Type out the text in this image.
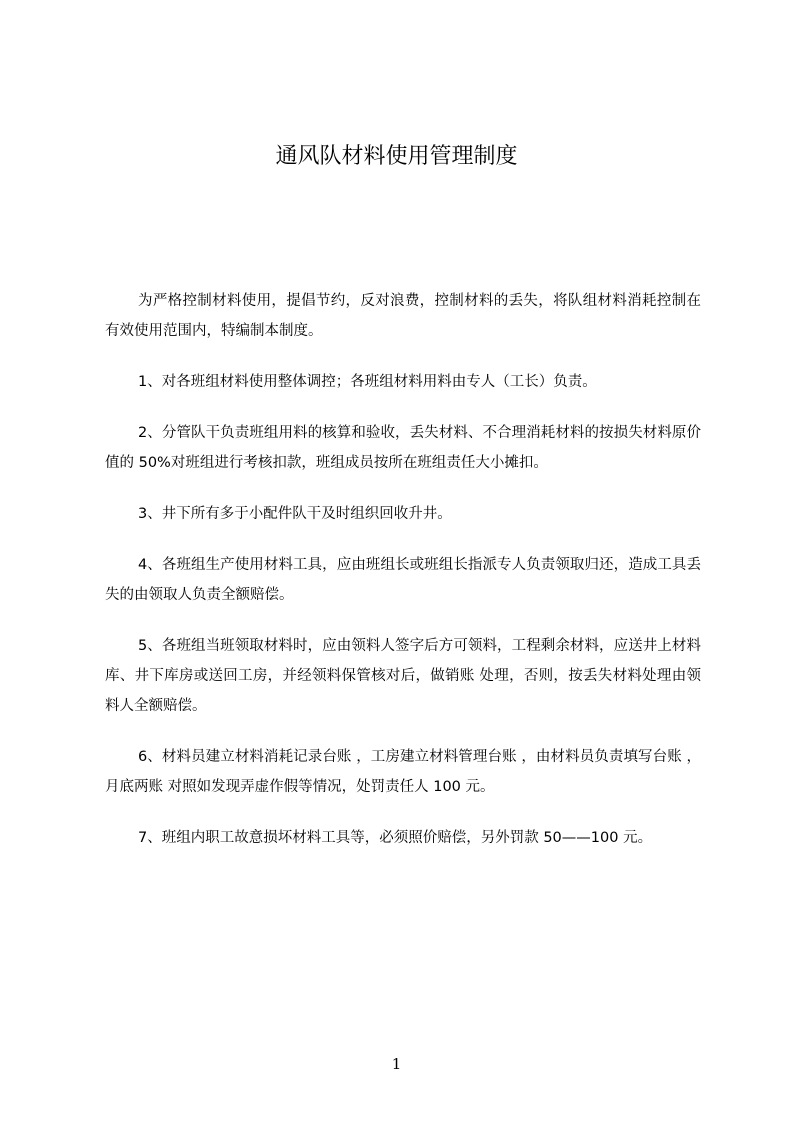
通风队材料使用管理制度

为严格控制材料使用，提倡节约，反对浪费，控制材料的丢失，将队组材料消耗控制在有效使用范围内，特编制本制度。

1、对各班组材料使用整体调控；各班组材料用料由专人（工长）负责。

2、分管队干负责班组用料的核算和验收，丢失材料、不合理消耗材料的按损失材料原价值的 50%对班组进行考核扣款，班组成员按所在班组责任大小摊扣。

3、井下所有多于小配件队干及时组织回收升井。

4、各班组生产使用材料工具，应由班组长或班组长指派专人负责领取归还，造成工具丢失的由领取人负责全额赔偿。

5、各班组当班领取材料时，应由领料人签字后方可领料，工程剩余材料，应送井上材料库、井下库房或送回工房，并经领料保管核对后，做销账 处理，否则，按丢失材料处理由领料人全额赔偿。

6、材料员建立材料消耗记录台账 ，工房建立材料管理台账 ，由材料员负责填写台账 ，月底两账 对照如发现弄虚作假等情况，处罚责任人 100 元。

7、班组内职工故意损坏材料工具等，必须照价赔偿，另外罚款 50——100 元。

1
